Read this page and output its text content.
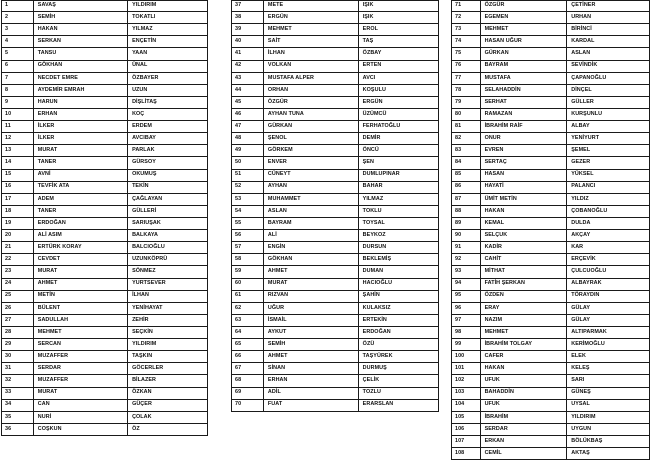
1	SAVAŞ	YILDIRIM
2	SEMİH	TOKATLI
3	HAKAN	YILMAZ
4	SERKAN	ENÇETİN
5	TANSU	YAAN
6	GÖKHAN	ÜNAL
7	NECDET EMRE	ÖZBAYER
8	AYDEMİR EMRAH	UZUN
9	HARUN	DİŞLİTAŞ
10	ERHAN	KOÇ
11	İLKER	ERDEM
12	İLKER	AVCIBAY
13	MURAT	PARLAK
14	TANER	GÜRSOY
15	AVNİ	OKUMUŞ
16	TEVFİK ATA	TEKİN
17	ADEM	ÇAĞLAYAN
18	TANER	GÜLLERİ
19	ERDOĞAN	SARIUŞAK
20	ALİ ASIM	BALKAYA
21	ERTÜRK KORAY	BALCIOĞLU
22	CEVDET	UZUNKÖPRÜ
23	MURAT	SÖNMEZ
24	AHMET	YURTSEVER
25	METİN	İLHAN
26	BÜLENT	YENİHAYAT
27	SADULLAH	ZEHİR
28	MEHMET	SEÇKİN
29	SERCAN	YILDIRIM
30	MUZAFFER	TAŞKIN
31	SERDAR	GÖCERLER
32	MUZAFFER	BİLAZER
33	MURAT	ÖZKAN
34	CAN	GÜÇER
35	NURİ	ÇOLAK
36	COŞKUN	ÖZ
37	METE	IŞIK
38	ERGÜN	IŞIK
39	MEHMET	EROL
40	SAİT	TAŞ
41	İLHAN	ÖZBAY
42	VOLKAN	ERTEN
43	MUSTAFA ALPER	AVCI
44	ORHAN	KOŞULU
45	ÖZGÜR	ERGÜN
46	AYHAN TUNA	ÜZÜMCÜ
47	GÜRKAN	FERHATOĞLU
48	ŞENOL	DEMİR
49	GÖRKEM	ÖNCÜ
50	ENVER	ŞEN
51	CÜNEYT	DUMLUPINAR
52	AYHAN	BAHAR
53	MUHAMMET	YILMAZ
54	ASLAN	TOKLU
55	BAYRAM	TOYSAL
56	ALİ	BEYKOZ
57	ENGİN	DURSUN
58	GÖKHAN	BEKLEMİŞ
59	AHMET	DUMAN
60	MURAT	HACIOĞLU
61	RIZVAN	ŞAHİN
62	UĞUR	KULAKSIZ
63	İSMAİL	ERTEKİN
64	AYKUT	ERDOĞAN
65	SEMİH	ÖZÜ
66	AHMET	TAŞYÜREK
67	SİNAN	DURMUŞ
68	ERHAN	ÇELİK
69	ADİL	TOZLU
70	FUAT	ERARSLAN
71	ÖZGÜR	ÇETİNER
72	EGEMEN	URHAN
73	MEHMET	BİRİNCİ
74	HASAN UĞUR	KARDAL
75	GÜRKAN	ASLAN
76	BAYRAM	SEVİNDİK
77	MUSTAFA	ÇAPANOĞLU
78	SELAHADDİN	DİNÇEL
79	SERHAT	GÜLLER
80	RAMAZAN	KURŞUNLU
81	İBRAHİM RAİF	ALBAY
82	ONUR	YENİYURT
83	EVREN	ŞEMEL
84	SERTAÇ	GEZER
85	HASAN	YÜKSEL
86	HAYATİ	PALANCI
87	ÜMİT METİN	YILDIZ
88	HAKAN	ÇOBANOĞLU
89	KEMAL	DULDA
90	SELÇUK	AKÇAY
91	KADİR	KAR
92	CAHİT	ERÇEVİK
93	MİTHAT	ÇULCUOĞLU
94	FATİH ŞERKAN	ALBAYRAK
95	ÖZDEN	TÖRAYDIN
96	ERAY	GÜLAY
97	NAZIM	GÜLAY
98	MEHMET	ALTIPARMAK
99	İBRAHİM TOLGAY	KERİMOĞLU
100	CAFER	ELEK
101	HAKAN	KELEŞ
102	UFUK	SARI
103	BAHADDİN	GÜNEŞ
104	UFUK	UYSAL
105	İBRAHİM	YILDIRIM
106	SERDAR	UYGUN
107	ERKAN	BÖLÜKBAŞ
108	CEMİL	AKTAŞ
